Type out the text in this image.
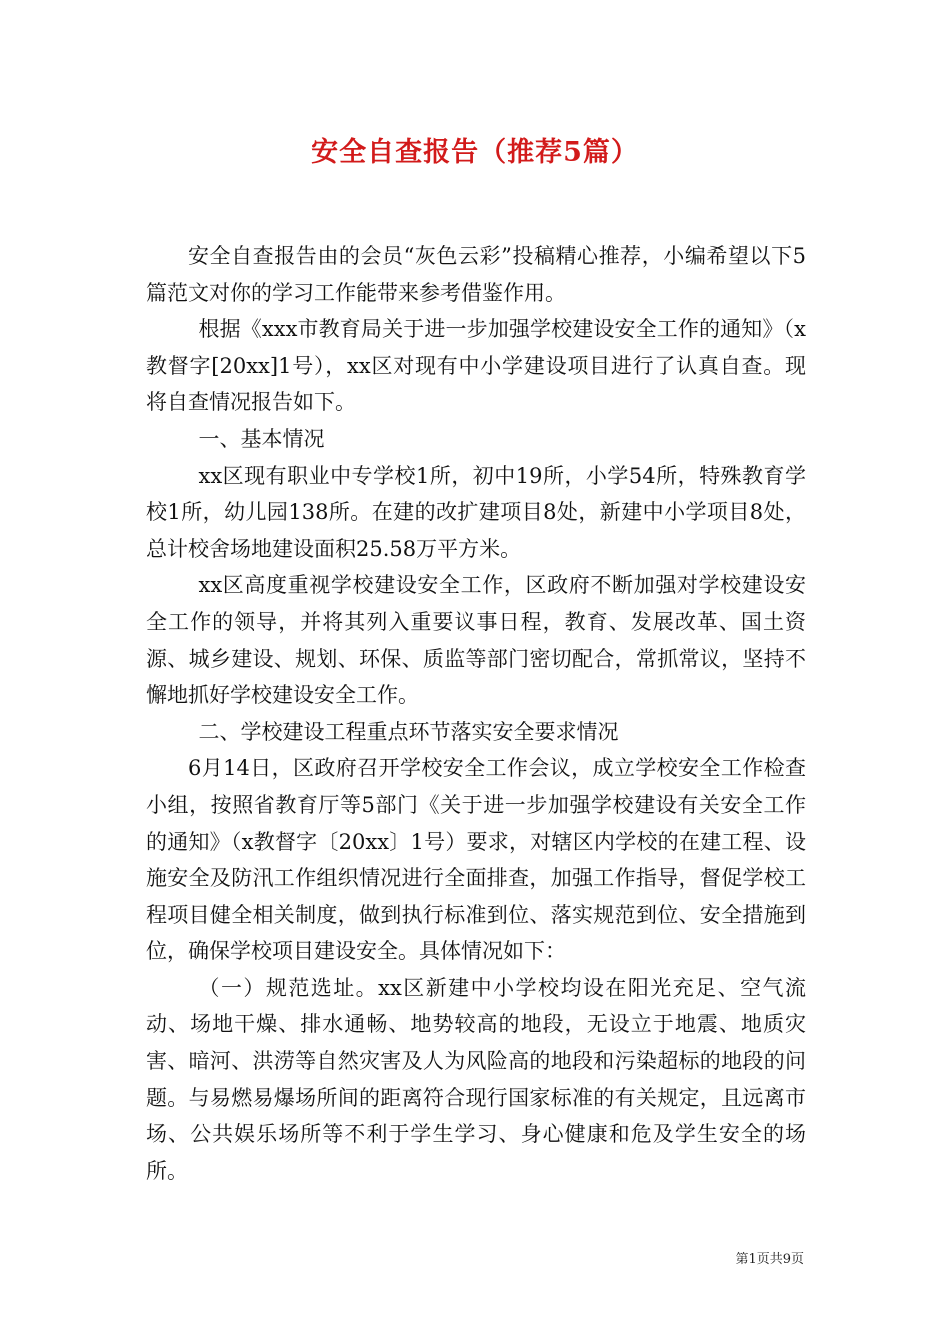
安全自查报告（推荐5篇）

安全自查报告由的会员“灰色云彩”投稿精心推荐，小编希望以下5篇范文对你的学习工作能带来参考借鉴作用。

根据《xxx市教育局关于进一步加强学校建设安全工作的通知》（x教督字[20xx]1号），xx区对现有中小学建设项目进行了认真自查。现将自查情况报告如下。

一、基本情况

xx区现有职业中专学校1所，初中19所，小学54所，特殊教育学校1所，幼儿园138所。在建的改扩建项目8处，新建中小学项目8处，总计校舍场地建设面积25.58万平方米。

xx区高度重视学校建设安全工作，区政府不断加强对学校建设安全工作的领导，并将其列入重要议事日程，教育、发展改革、国土资源、城乡建设、规划、环保、质监等部门密切配合，常抓常议，坚持不懈地抓好学校建设安全工作。

二、学校建设工程重点环节落实安全要求情况

6月14日，区政府召开学校安全工作会议，成立学校安全工作检查小组，按照省教育厅等5部门《关于进一步加强学校建设有关安全工作的通知》（x教督字〔20xx〕1号）要求，对辖区内学校的在建工程、设施安全及防汛工作组织情况进行全面排查，加强工作指导，督促学校工程项目健全相关制度，做到执行标准到位、落实规范到位、安全措施到位，确保学校项目建设安全。具体情况如下：

（一）规范选址。xx区新建中小学校均设在阳光充足、空气流动、场地干燥、排水通畅、地势较高的地段，无设立于地震、地质灾害、暗河、洪涝等自然灾害及人为风险高的地段和污染超标的地段的问题。与易燃易爆场所间的距离符合现行国家标准的有关规定，且远离市场、公共娱乐场所等不利于学生学习、身心健康和危及学生安全的场所。

第1页共9页
